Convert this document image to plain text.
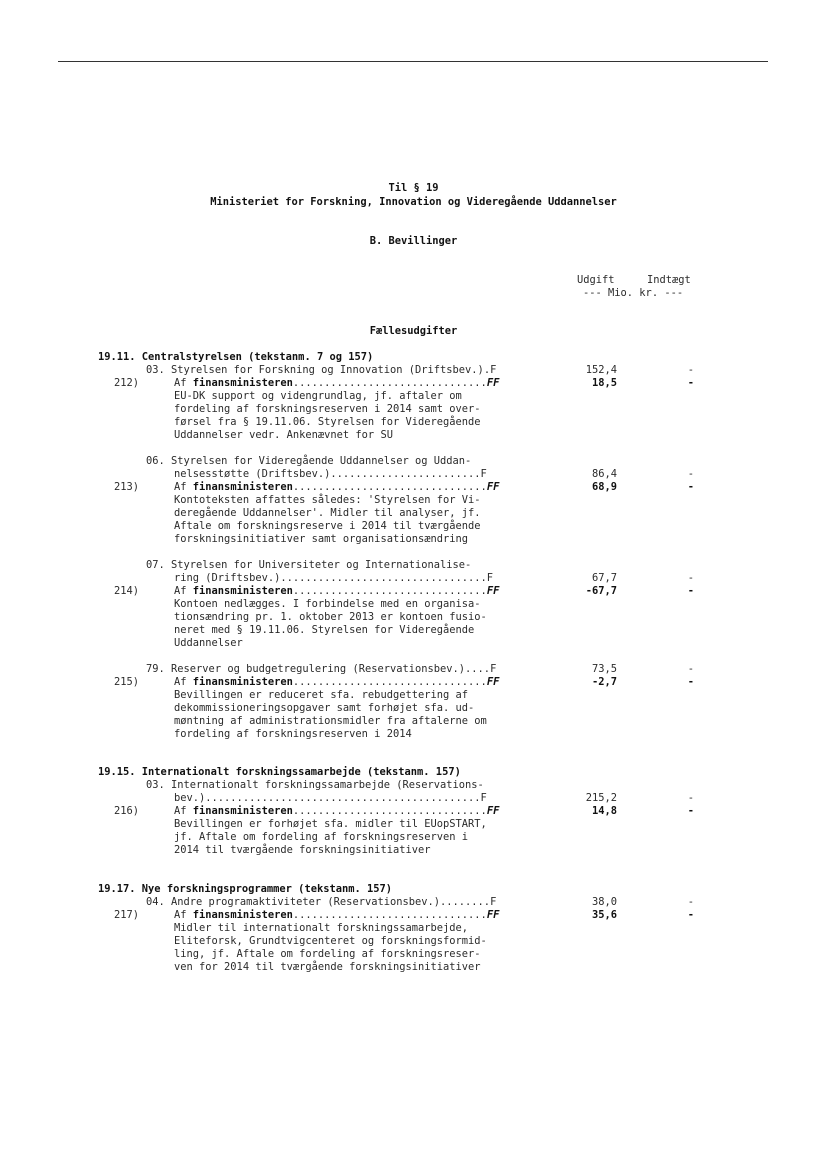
Til § 19
Ministeriet for Forskning, Innovation og Videregående Uddannelser
B. Bevillinger
Udgift	Indtægt
--- Mio. kr. ---
Fællesudgifter
19.11. Centralstyrelsen (tekstanm. 7 og 157)
03. Styrelsen for Forskning og Innovation (Driftsbev.).F	152,4	-
212)	Af finansministeren...............................FF	18,5	-
EU-DK support og videngrundlag, jf. aftaler om
fordeling af forskningsreserven i 2014 samt over-
førsel fra § 19.11.06. Styrelsen for Videregående
Uddannelser vedr. Ankenævnet for SU
06. Styrelsen for Videregående Uddannelser og Uddan-
nelsesstøtte (Driftsbev.)........................F	86,4	-
213)	Af finansministeren...............................FF	68,9	-
Kontoteksten affattes således: 'Styrelsen for Vi-
deregående Uddannelser'. Midler til analyser, jf.
Aftale om forskningsreserve i 2014 til tværgående
forskningsinitiativer samt organisationsændring
07. Styrelsen for Universiteter og Internationalise-
ring (Driftsbev.).................................F	67,7	-
214)	Af finansministeren...............................FF	-67,7	-
Kontoen nedlægges. I forbindelse med en organisa-
tionsændring pr. 1. oktober 2013 er kontoen fusio-
neret med § 19.11.06. Styrelsen for Videregående
Uddannelser
79. Reserver og budgetregulering (Reservationsbev.)....F	73,5	-
215)	Af finansministeren...............................FF	-2,7	-
Bevillingen er reduceret sfa. rebudgettering af
dekommissioneringsopgaver samt forhøjet sfa. ud-
møntning af administrationsmidler fra aftalerne om
fordeling af forskningsreserven i 2014
19.15. Internationalt forskningssamarbejde (tekstanm. 157)
03. Internationalt forskningssamarbejde (Reservations-
bev.)............................................F	215,2	-
216)	Af finansministeren...............................FF	14,8	-
Bevillingen er forhøjet sfa. midler til EUopSTART,
jf. Aftale om fordeling af forskningsreserven i
2014 til tværgående forskningsinitiativer
19.17. Nye forskningsprogrammer (tekstanm. 157)
04. Andre programaktiviteter (Reservationsbev.)........F	38,0	-
217)	Af finansministeren...............................FF	35,6	-
Midler til internationalt forskningssamarbejde,
Eliteforsk, Grundtvigcenteret og forskningsformid-
ling, jf. Aftale om fordeling af forskningsreser-
ven for 2014 til tværgående forskningsinitiativer
